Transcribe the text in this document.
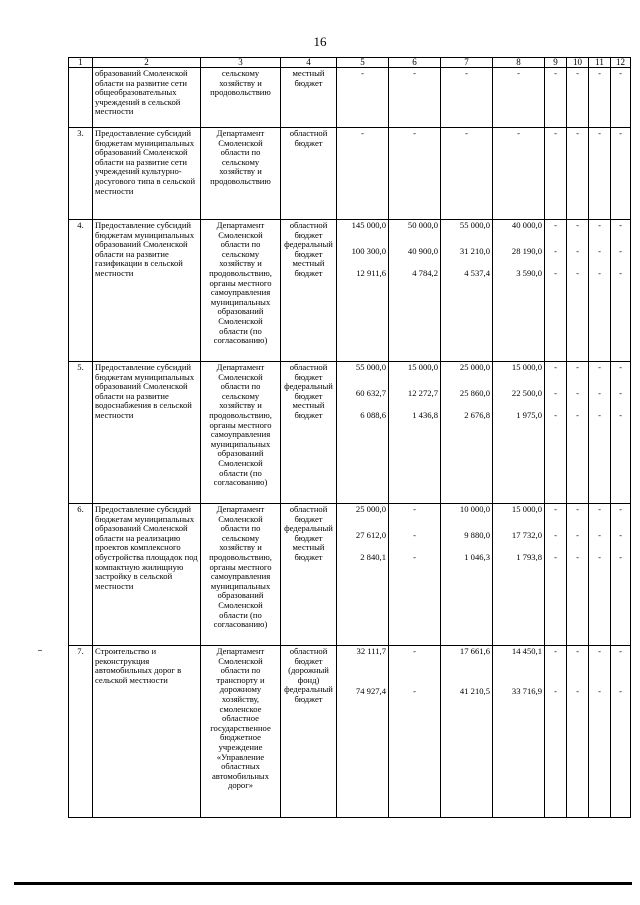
16
1	2	3	4	5	6	7	8	9	10	11	12
	образований Смоленской области на развитие сети общеобразовательных учреждений в сельской местности	сельскому хозяйству и продовольствию	местный бюджет	-	-	-	-	-	-	-	-

3.	Предоставление субсидий бюджетам муниципальных образований Смоленской области на развитие сети учреждений культурно-досугового типа в сельской местности	Департамент Смоленской области по сельскому хозяйству и продовольствию	областной бюджет	-	-	-	-	-	-	-	-

4.	Предоставление субсидий бюджетам муниципальных образований Смоленской области на развитие газификации в сельской местности	Департамент Смоленской области по сельскому хозяйству и продовольствию, органы местного самоуправления муниципальных образований Смоленской области (по согласованию)	областной бюджет федеральный бюджет местный бюджет	145 000,0
100 300,0
12 911,6	50 000,0
40 900,0
4 784,2	55 000,0
31 210,0
4 537,4	40 000,0
28 190,0
3 590,0	-
-
-	-
-
-	-
-
-	-
-
-

5.	Предоставление субсидий бюджетам муниципальных образований Смоленской области на развитие водоснабжения в сельской местности	Департамент Смоленской области по сельскому хозяйству и продовольствию, органы местного самоуправления муниципальных образований Смоленской области (по согласованию)	областной бюджет федеральный бюджет местный бюджет	55 000,0
60 632,7
6 088,6	15 000,0
12 272,7
1 436,8	25 000,0
25 860,0
2 676,8	15 000,0
22 500,0
1 975,0	-
-
-	-
-
-	-
-
-	-
-
-

6.	Предоставление субсидий бюджетам муниципальных образований Смоленской области на реализацию проектов комплексного обустройства площадок под компактную жилищную застройку в сельской местности	Департамент Смоленской области по сельскому хозяйству и продовольствию, органы местного самоуправления муниципальных образований Смоленской области (по согласованию)	областной бюджет федеральный бюджет местный бюджет	25 000,0
27 612,0
2 840,1	-
-
-	10 000,0
9 880,0
1 046,3	15 000,0
17 732,0
1 793,8	-
-
-	-
-
-	-
-
-	-
-
-

7.	Строительство и реконструкция автомобильных дорог в сельской местности	Департамент Смоленской области по транспорту и дорожному хозяйству, смоленское областное государственное бюджетное учреждение «Управление областных автомобильных дорог»	областной бюджет (дорожный фонд) федеральный бюджет	32 111,7
74 927,4	-
-	17 661,6
41 210,5	14 450,1
33 716,9	-
-	-
-	-
-	-
-
